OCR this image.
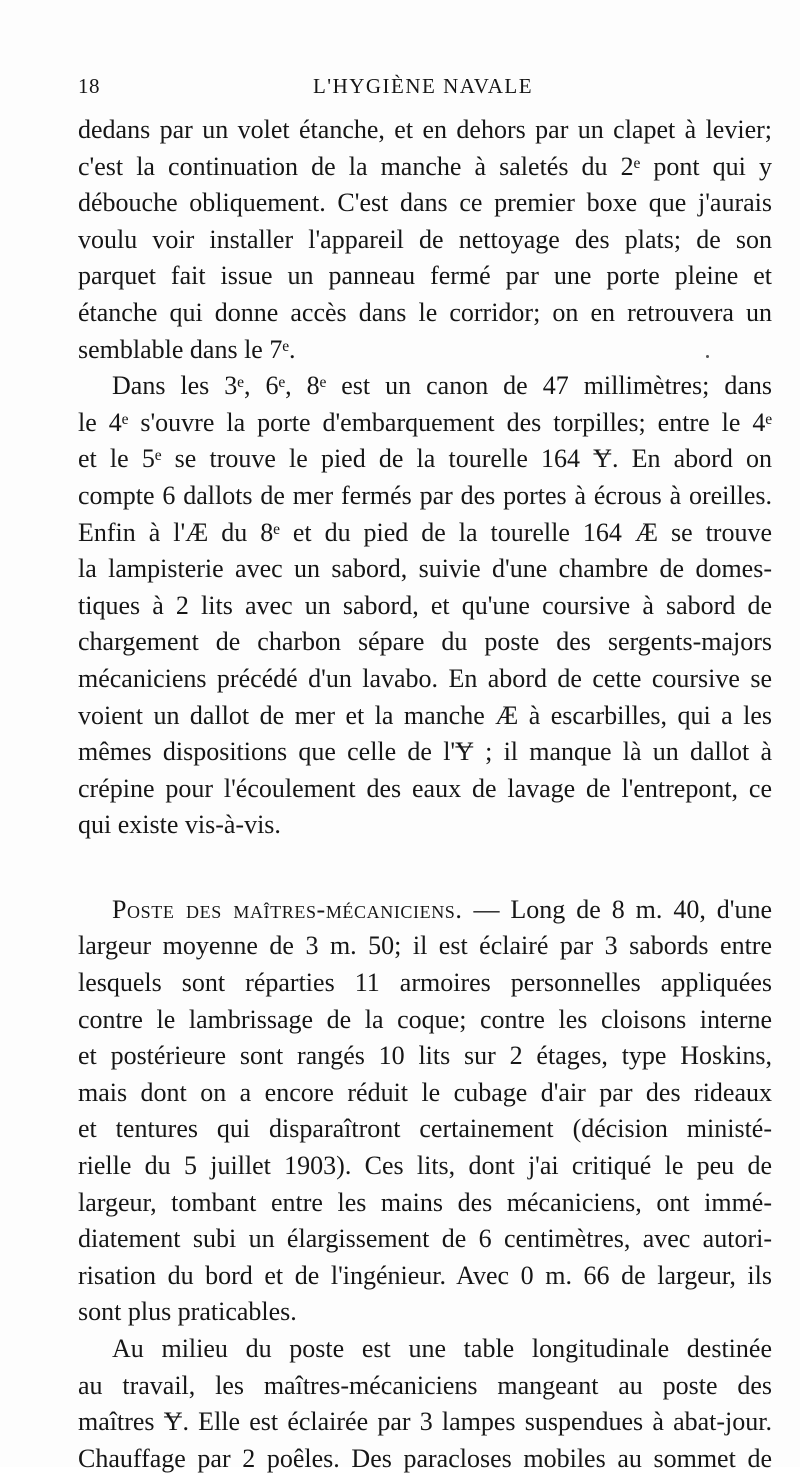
18	L'HYGIÈNE NAVALE
dedans par un volet étanche, et en dehors par un clapet à levier;
c'est la continuation de la manche à saletés du 2ᵉ pont qui y
débouche obliquement. C'est dans ce premier boxe que j'aurais
voulu voir installer l'appareil de nettoyage des plats; de son
parquet fait issue un panneau fermé par une porte pleine et
étanche qui donne accès dans le corridor; on en retrouvera un
semblable dans le 7ᵉ.
Dans les 3ᵉ, 6ᵉ, 8ᵉ est un canon de 47 millimètres; dans
le 4ᵉ s'ouvre la porte d'embarquement des torpilles; entre le 4ᵉ
et le 5ᵉ se trouve le pied de la tourelle 164 Ɏ. En abord on
compte 6 dallots de mer fermés par des portes à écrous à oreilles.
Enfin à l'Æ du 8ᵉ et du pied de la tourelle 164 Æ se trouve
la lampisterie avec un sabord, suivie d'une chambre de domes-
tiques à 2 lits avec un sabord, et qu'une coursive à sabord de
chargement de charbon sépare du poste des sergents-majors
mécaniciens précédé d'un lavabo. En abord de cette coursive se
voient un dallot de mer et la manche Æ à escarbilles, qui a les
mêmes dispositions que celle de l'Ɏ ; il manque là un dallot à
crépine pour l'écoulement des eaux de lavage de l'entrepont, ce
qui existe vis-à-vis.
Poste des maîtres-mécaniciens. — Long de 8 m. 40, d'une
largeur moyenne de 3 m. 50; il est éclairé par 3 sabords entre
lesquels sont réparties 11 armoires personnelles appliquées
contre le lambrissage de la coque; contre les cloisons interne
et postérieure sont rangés 10 lits sur 2 étages, type Hoskins,
mais dont on a encore réduit le cubage d'air par des rideaux
et tentures qui disparaîtront certainement (décision ministé-
rielle du 5 juillet 1903). Ces lits, dont j'ai critiqué le peu de
largeur, tombant entre les mains des mécaniciens, ont immé-
diatement subi un élargissement de 6 centimètres, avec autori-
risation du bord et de l'ingénieur. Avec 0 m. 66 de largeur, ils
sont plus praticables.
Au milieu du poste est une table longitudinale destinée
au travail, les maîtres-mécaniciens mangeant au poste des
maîtres Ɏ. Elle est éclairée par 3 lampes suspendues à abat-jour.
Chauffage par 2 poêles. Des paracloses mobiles au sommet de
